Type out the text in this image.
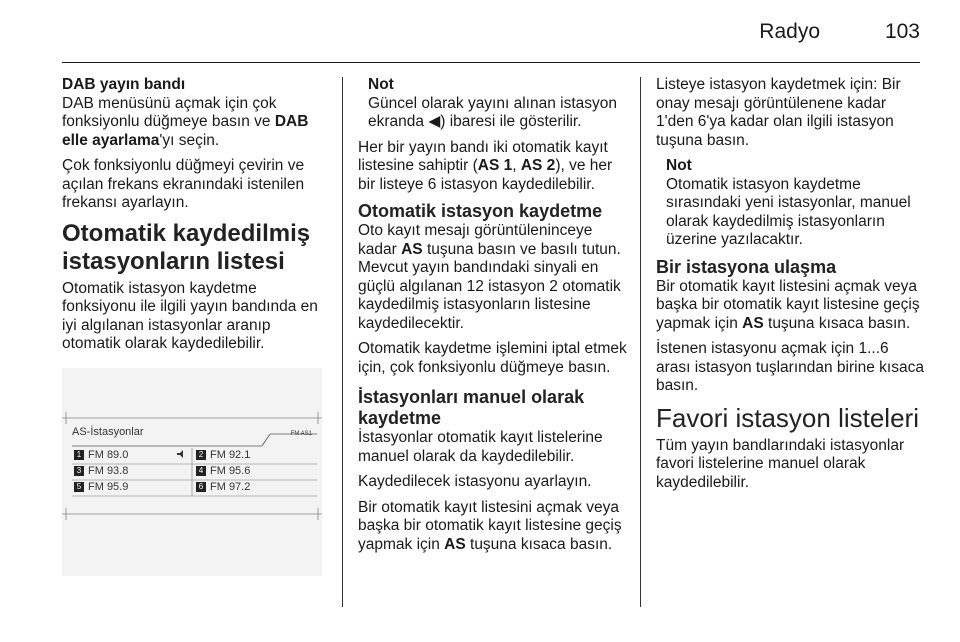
Radyo	103

DAB yayın bandı
DAB menüsünü açmak için çok fonksiyonlu düğmeye basın ve DAB elle ayarlama'yı seçin.

Çok fonksiyonlu düğmeyi çevirin ve açılan frekans ekranındaki istenilen frekansı ayarlayın.

Otomatik kaydedilmiş istasyonların listesi

Otomatik istasyon kaydetme fonksiyonu ile ilgili yayın bandında en iyi algılanan istasyonlar aranıp otomatik olarak kaydedilebilir.

AS-İstasyonlar	FM AS1
1 FM 89.0	2 FM 92.1
3 FM 93.8	4 FM 95.6
5 FM 95.9	6 FM 97.2
Not
Güncel olarak yayını alınan istasyon ekranda ◀) ibaresi ile gösterilir.

Her bir yayın bandı iki otomatik kayıt listesine sahiptir (AS 1, AS 2), ve her bir listeye 6 istasyon kaydedilebilir.

Otomatik istasyon kaydetme

Oto kayıt mesajı görüntüleninceye kadar AS tuşuna basın ve basılı tutun. Mevcut yayın bandındaki sinyali en güçlü algılanan 12 istasyon 2 otomatik kaydedilmiş istasyonların listesine kaydedilecektir.

Otomatik kaydetme işlemini iptal etmek için, çok fonksiyonlu düğmeye basın.

İstasyonları manuel olarak kaydetme

İstasyonlar otomatik kayıt listelerine manuel olarak da kaydedilebilir.

Kaydedilecek istasyonu ayarlayın.

Bir otomatik kayıt listesini açmak veya başka bir otomatik kayıt listesine geçiş yapmak için AS tuşuna kısaca basın.

Listeye istasyon kaydetmek için: Bir onay mesajı görüntülenene kadar 1'den 6'ya kadar olan ilgili istasyon tuşuna basın.

Not
Otomatik istasyon kaydetme sırasındaki yeni istasyonlar, manuel olarak kaydedilmiş istasyonların üzerine yazılacaktır.
Bir istasyona ulaşma

Bir otomatik kayıt listesini açmak veya başka bir otomatik kayıt listesine geçiş yapmak için AS tuşuna kısaca basın.

İstenen istasyonu açmak için 1...6 arası istasyon tuşlarından birine kısaca basın.

Favori istasyon listeleri

Tüm yayın bandlarındaki istasyonlar favori listelerine manuel olarak kaydedilebilir.
